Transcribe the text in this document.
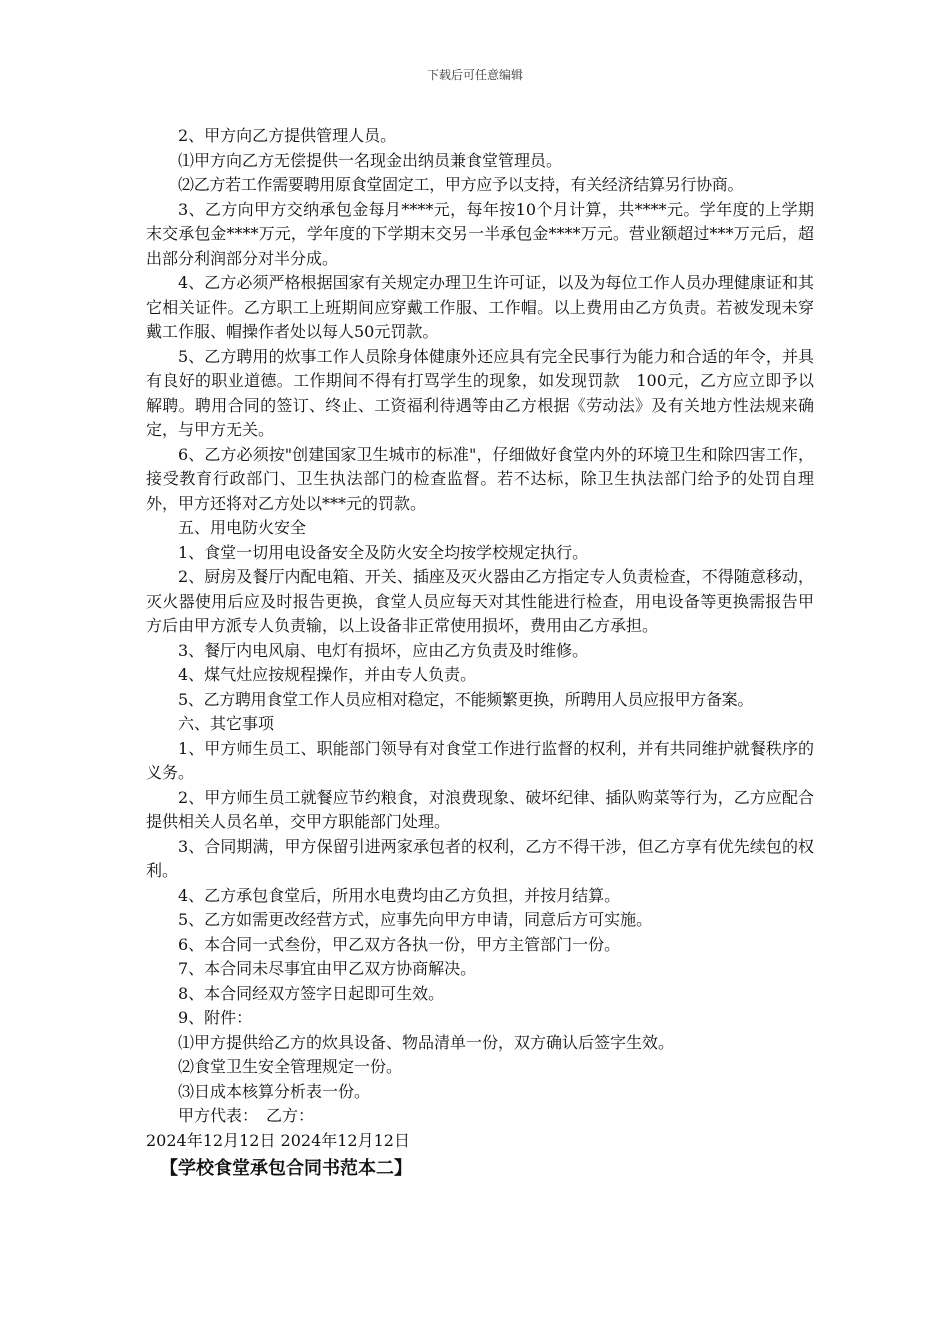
下载后可任意编辑

2、甲方向乙方提供管理人员。

⑴甲方向乙方无偿提供一名现金出纳员兼食堂管理员。

⑵乙方若工作需要聘用原食堂固定工，甲方应予以支持，有关经济结算另行协商。

3、乙方向甲方交纳承包金每月****元，每年按10个月计算，共****元。学年度的上学期末交承包金****万元，学年度的下学期末交另一半承包金****万元。营业额超过***万元后，超出部分利润部分对半分成。

4、乙方必须严格根据国家有关规定办理卫生许可证，以及为每位工作人员办理健康证和其它相关证件。乙方职工上班期间应穿戴工作服、工作帽。以上费用由乙方负责。若被发现未穿戴工作服、帽操作者处以每人50元罚款。

5、乙方聘用的炊事工作人员除身体健康外还应具有完全民事行为能力和合适的年令，并具有良好的职业道德。工作期间不得有打骂学生的现象，如发现罚款　100元，乙方应立即予以解聘。聘用合同的签订、终止、工资福利待遇等由乙方根据《劳动法》及有关地方性法规来确定，与甲方无关。

6、乙方必须按"创建国家卫生城市的标准"，仔细做好食堂内外的环境卫生和除四害工作，接受教育行政部门、卫生执法部门的检查监督。若不达标，除卫生执法部门给予的处罚自理外，甲方还将对乙方处以***元的罚款。

五、用电防火安全

1、食堂一切用电设备安全及防火安全均按学校规定执行。

2、厨房及餐厅内配电箱、开关、插座及灭火器由乙方指定专人负责检查，不得随意移动，灭火器使用后应及时报告更换，食堂人员应每天对其性能进行检查，用电设备等更换需报告甲方后由甲方派专人负责输，以上设备非正常使用损坏，费用由乙方承担。

3、餐厅内电风扇、电灯有损坏，应由乙方负责及时维修。

4、煤气灶应按规程操作，并由专人负责。

5、乙方聘用食堂工作人员应相对稳定，不能频繁更换，所聘用人员应报甲方备案。

六、其它事项

1、甲方师生员工、职能部门领导有对食堂工作进行监督的权利，并有共同维护就餐秩序的义务。

2、甲方师生员工就餐应节约粮食，对浪费现象、破坏纪律、插队购菜等行为，乙方应配合提供相关人员名单，交甲方职能部门处理。

3、合同期满，甲方保留引进两家承包者的权利，乙方不得干涉，但乙方享有优先续包的权利。

4、乙方承包食堂后，所用水电费均由乙方负担，并按月结算。

5、乙方如需更改经营方式，应事先向甲方申请，同意后方可实施。

6、本合同一式叁份，甲乙双方各执一份，甲方主管部门一份。

7、本合同未尽事宜由甲乙双方协商解决。

8、本合同经双方签字日起即可生效。

9、附件：

⑴甲方提供给乙方的炊具设备、物品清单一份，双方确认后签字生效。

⑵食堂卫生安全管理规定一份。

⑶日成本核算分析表一份。

甲方代表：　乙方：

2024年12月12日 2024年12月12日

【学校食堂承包合同书范本二】
